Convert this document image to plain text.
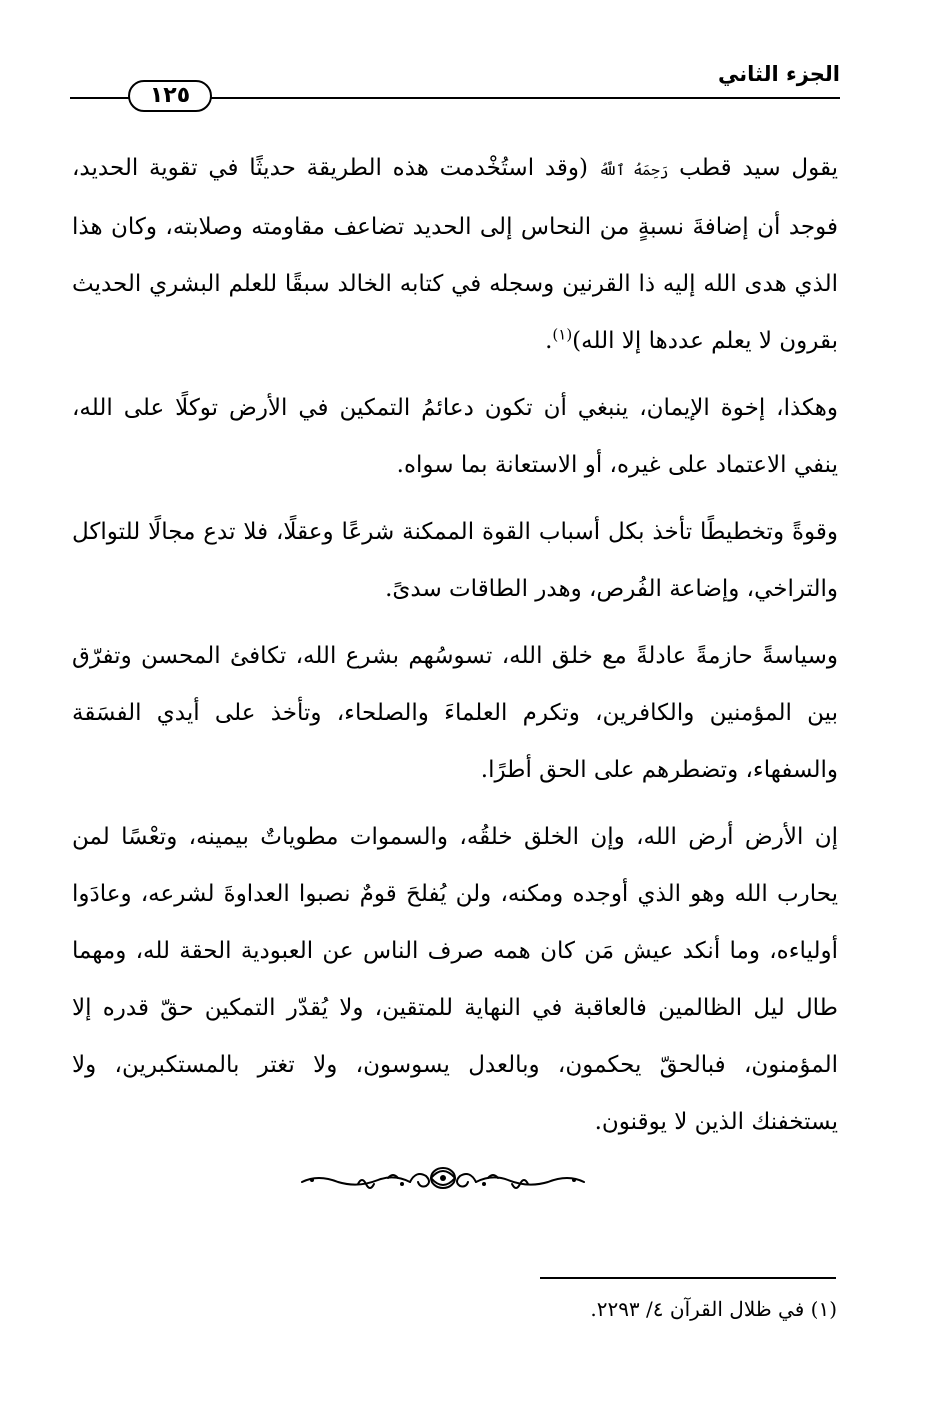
١٢٥
الجزء الثاني

يقول سيد قطب رَحِمَهُ ٱللَّهُ (وقد استُخْدمت هذه الطريقة حديثًا في تقوية الحديد، فوجد أن إضافةَ نسبةٍ من النحاس إلى الحديد تضاعف مقاومته وصلابته، وكان هذا الذي هدى الله إليه ذا القرنين وسجله في كتابه الخالد سبقًا للعلم البشري الحديث بقرون لا يعلم عددها إلا الله)$^{(١)}$.

وهكذا، إخوة الإيمان، ينبغي أن تكون دعائمُ التمكين في الأرض توكلًا على الله، ينفي الاعتماد على غيره، أو الاستعانة بما سواه.

وقوةً وتخطيطًا تأخذ بكل أسباب القوة الممكنة شرعًا وعقلًا، فلا تدع مجالًا للتواكل والتراخي، وإضاعة الفُرص، وهدر الطاقات سدىً.

وسياسةً حازمةً عادلةً مع خلق الله، تسوسُهم بشرع الله، تكافئ المحسن وتفرّق بين المؤمنين والكافرين، وتكرم العلماءَ والصلحاء، وتأخذ على أيدي الفسَقة والسفهاء، وتضطرهم على الحق أطرًا.

إن الأرض أرض الله، وإن الخلق خلقُه، والسموات مطوياتٌ بيمينه، وتعْسًا لمن يحارب الله وهو الذي أوجده ومكنه، ولن يُفلحَ قومٌ نصبوا العداوةَ لشرعه، وعادَوا أولياءه، وما أنكد عيش مَن كان همه صرف الناس عن العبودية الحقة لله، ومهما طال ليل الظالمين فالعاقبة في النهاية للمتقين، ولا يُقدّر التمكين حقّ قدره إلا المؤمنون، فبالحقّ يحكمون، وبالعدل يسوسون، ولا تغتر بالمستكبرين، ولا يستخفنك الذين لا يوقنون.

(١) في ظلال القرآن ٤/ ٢٢٩٣.
